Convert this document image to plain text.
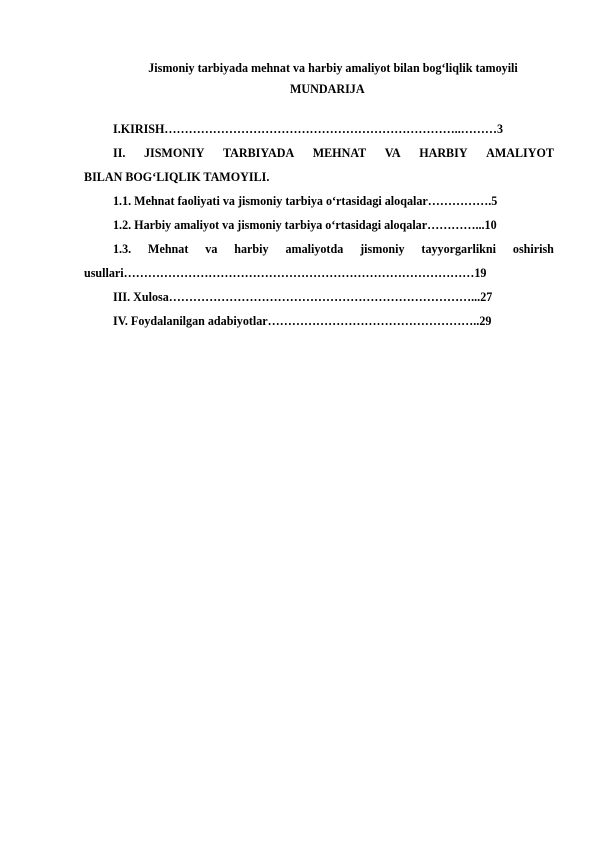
Jismoniy tarbiyada mehnat va harbiy amaliyot bilan bog‘liqlik tamoyili
MUNDARIJA
I.KIRISH………………………………………………………………..………3
II. JISMONIY TARBIYADA MEHNAT VA HARBIY AMALIYOT
BILAN BOG‘LIQLIK TAMOYILI.
1.1. Mehnat faoliyati va jismoniy tarbiya o‘rtasidagi aloqalar…………….5
1.2. Harbiy amaliyot va jismoniy tarbiya o‘rtasidagi aloqalar…………...10
1.3. Mehnat va harbiy amaliyotda jismoniy tayyorgarlikni oshirish
usullari……………………………………………………………………………19
III. Xulosa…………………………………………………………………...27
IV. Foydalanilgan adabiyotlar……………………………………………..29
